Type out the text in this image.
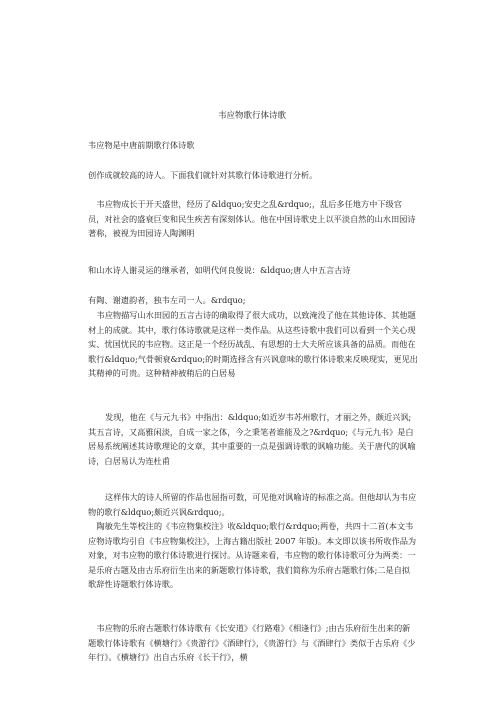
韦应物歌行体诗歌

韦应物是中唐前期歌行体诗歌

创作成就较高的诗人。下面我们就针对其歌行体诗歌进行分析。

韦应物成长于开天盛世，经历了&ldquo;安史之乱&rdquo;，乱后多任地方中下级官员，对社会的盛衰巨变和民生疾苦有深刻体认。他在中国诗歌史上以平淡自然的山水田园诗著称，被视为田园诗人陶渊明

和山水诗人谢灵运的继承者，如明代何良俊说：&ldquo;唐人中五言古诗

有陶、谢遗韵者，独韦左司一人。&rdquo;

韦应物描写山水田园的五言古诗的确取得了很大成功，以致淹没了他在其他诗体、其他题材上的成就。其中，歌行体诗歌就是这样一类作品。从这些诗歌中我们可以看到一个关心现实、忧国忧民的韦应物。这正是一个经历战乱、有思想的士大夫所应该具备的品质。而他在歌行&ldquo;气骨顿衰&rdquo;的时期选择含有兴讽意味的歌行体诗歌来反映现实，更见出其精神的可贵。这种精神被稍后的白居易

发现，他在《与元九书》中指出：&ldquo;如近岁韦苏州歌行，才丽之外，颇近兴讽;其五言诗，又高雅闲淡，自成一家之体，今之秉笔者谁能及之?&rdquo;《与元九书》是白居易系统阐述其诗歌理论的文章，其中重要的一点是强调诗歌的讽喻功能。关于唐代的讽喻诗，白居易认为连杜甫

这样伟大的诗人所留的作品也屈指可数，可见他对讽喻诗的标准之高。但他却认为韦应物的歌行&ldquo;颇近兴讽&rdquo;。

陶敏先生等校注的《韦应物集校注》收&ldquo;歌行&rdquo;两卷，共四十二首(本文韦应物诗歌均引自《韦应物集校注》，上海古籍出版社 2007 年版)。本文即以该书所收作品为对象，对韦应物的歌行体诗歌进行探讨。从诗题来看，韦应物的歌行体诗歌可分为两类：一是乐府古题及由古乐府衍生出来的新题歌行体诗歌，我们简称为乐府古题歌行体;二是自拟歌辞性诗题歌行体诗歌。

韦应物的乐府古题歌行体诗歌有《长安道》《行路难》《相逢行》;由古乐府衍生出来的新题歌行体诗歌有《横塘行》《贵游行》《酒肆行》，《贵游行》与《酒肆行》类似于古乐府《少年行》。《横塘行》出自古乐府《长干行》，横
